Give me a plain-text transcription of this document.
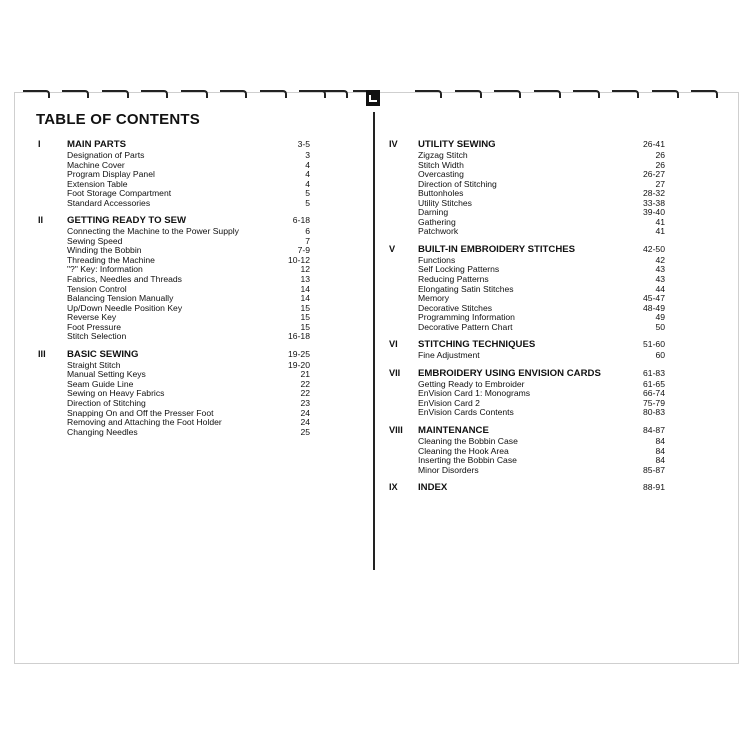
TABLE OF CONTENTS
I	MAIN PARTS	3-5
Designation of Parts	3
Machine Cover	4
Program Display Panel	4
Extension Table	4
Foot Storage Compartment	5
Standard Accessories	5
II GETTING READY TO SEW	6-18
Connecting the Machine to the Power Supply	6
Sewing Speed	7
Winding the Bobbin	7-9
Threading the Machine	10-12
"?" Key: Information	12
Fabrics, Needles and Threads	13
Tension Control	14
Balancing Tension Manually	14
Up/Down Needle Position Key	15
Reverse Key	15
Foot Pressure	15
Stitch Selection	16-18
III BASIC SEWING	19-25
Straight Stitch	19-20
Manual Setting Keys	21
Seam Guide Line	22
Sewing on Heavy Fabrics	22
Direction of Stitching	23
Snapping On and Off the Presser Foot	24
Removing and Attaching the Foot Holder	24
Changing Needles	25
IV UTILITY SEWING	26-41
Zigzag Stitch	26
Stitch Width	26
Overcasting	26-27
Direction of Stitching	27
Buttonholes	28-32
Utility Stitches	33-38
Darning	39-40
Gathering	41
Patchwork	41
V BUILT-IN EMBROIDERY STITCHES	42-50
Functions	42
Self Locking Patterns	43
Reducing Patterns	43
Elongating Satin Stitches	44
Memory	45-47
Decorative Stitches	48-49
Programming Information	49
Decorative Pattern Chart	50
VI STITCHING TECHNIQUES	51-60
Fine Adjustment	60
VII EMBROIDERY USING ENVISION CARDS	61-83
Getting Ready to Embroider	61-65
EnVision Card 1: Monograms	66-74
EnVision Card 2	75-79
EnVision Cards Contents	80-83
VIII MAINTENANCE	84-87
Cleaning the Bobbin Case	84
Cleaning the Hook Area	84
Inserting the Bobbin Case	84
Minor Disorders	85-87
IX INDEX	88-91
